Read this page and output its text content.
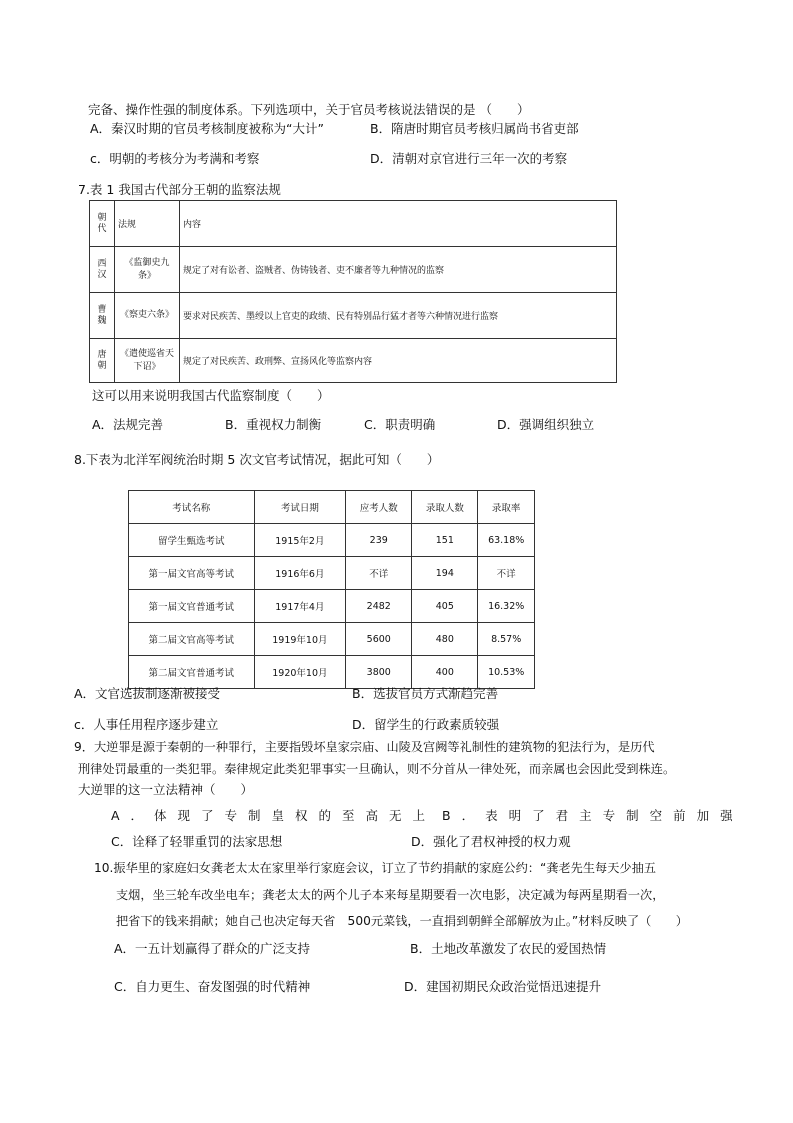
完备、操作性强的制度体系。下列选项中，关于官员考核说法错误的是 （　　）
A．秦汉时期的官员考核制度被称为“大计”	B．隋唐时期官员考核归属尚书省吏部
c．明朝的考核分为考满和考察	D．清朝对京官进行三年一次的考察
7.表 1 我国古代部分王朝的监察法规
朝代	法规	内容
西汉	《监御史九条》	规定了对有讼者、盗贼者、伪铸钱者、吏不廉者等九种情况的监察
曹魏	《察吏六条》	要求对民疾苦、墨绶以上官吏的政绩、民有特别品行猛才者等六种情况进行监察
唐朝	《遣使巡省天下诏》	规定了对民疾苦、政刑弊、宣扬风化等监察内容
这可以用来说明我国古代监察制度（　　）
A．法规完善	B．重视权力制衡	C．职责明确	D．强调组织独立
8.下表为北洋军阀统治时期 5 次文官考试情况，据此可知（　　）
考试名称	考试日期	应考人数	录取人数	录取率
留学生甄选考试	1915年2月	239	151	63.18%
第一届文官高等考试	1916年6月	不详	194	不详
第一届文官普通考试	1917年4月	2482	405	16.32%
第二届文官高等考试	1919年10月	5600	480	8.57%
第二届文官普通考试	1920年10月	3800	400	10.53%
A．文官选拔制逐渐被接受	B．选拔官员方式渐趋完善
c．人事任用程序逐步建立	D．留学生的行政素质较强
9．大逆罪是源于秦朝的一种罪行，主要指毁坏皇家宗庙、山陵及宫阙等礼制性的建筑物的犯法行为，是历代
刑律处罚最重的一类犯罪。秦律规定此类犯罪事实一旦确认，则不分首从一律处死，而亲属也会因此受到株连。
大逆罪的这一立法精神（　　）
A．体现了专制皇权的至高无上 B．表明了君主专制空前加强
C．诠释了轻罪重罚的法家思想	D．强化了君权神授的权力观
10.振华里的家庭妇女龚老太太在家里举行家庭会议，订立了节约捐献的家庭公约：“龚老先生每天少抽五
支烟，坐三轮车改坐电车；龚老太太的两个儿子本来每星期要看一次电影，决定减为每两星期看一次，
把省下的钱来捐献；她自己也决定每天省　500元菜钱，一直捐到朝鲜全部解放为止。”材料反映了（　　）
A．一五计划赢得了群众的广泛支持	B．土地改革激发了农民的爱国热情
C．自力更生、奋发图强的时代精神	D．建国初期民众政治觉悟迅速提升
